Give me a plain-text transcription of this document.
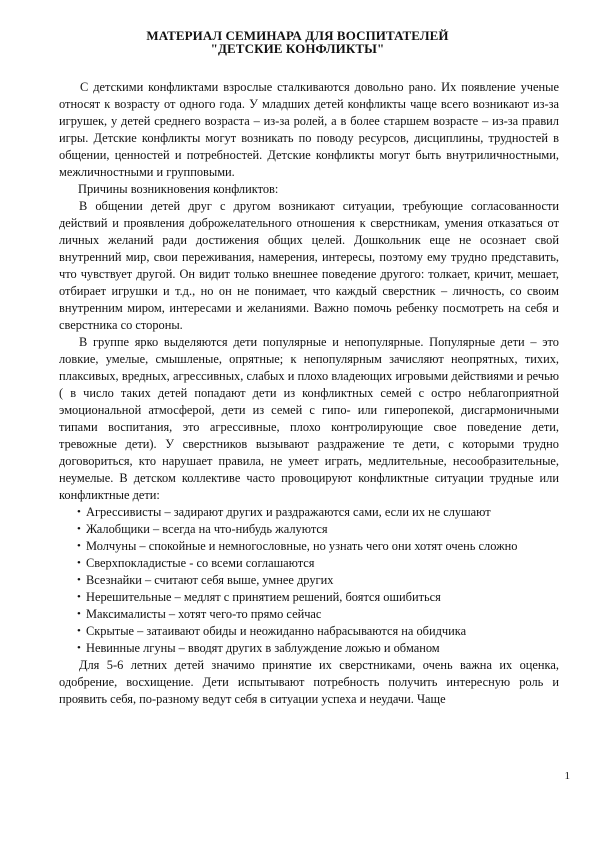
МАТЕРИАЛ СЕМИНАРА ДЛЯ ВОСПИТАТЕЛЕЙ
"ДЕТСКИЕ КОНФЛИКТЫ"

С детскими конфликтами взрослые сталкиваются довольно рано. Их появление ученые относят к возрасту от одного года. У младших детей конфликты чаще всего возникают из-за игрушек, у детей среднего возраста – из-за ролей, а в более старшем возрасте – из-за правил игры. Детские конфликты могут возникать по поводу ресурсов, дисциплины, трудностей в общении, ценностей и потребностей. Детские конфликты могут быть внутриличностными, межличностными и групповыми.

Причины возникновения конфликтов:

В общении детей друг с другом возникают ситуации, требующие согласованности действий и проявления доброжелательного отношения к сверстникам, умения отказаться от личных желаний ради достижения общих целей. Дошкольник еще не осознает свой внутренний мир, свои переживания, намерения, интересы, поэтому ему трудно представить, что чувствует другой. Он видит только внешнее поведение другого: толкает, кричит, мешает, отбирает игрушки и т.д., но он не понимает, что каждый сверстник – личность, со своим внутренним миром, интересами и желаниями. Важно помочь ребенку посмотреть на себя и сверстника со стороны.

В группе ярко выделяются дети популярные и непопулярные. Популярные дети – это ловкие, умелые, смышленые, опрятные; к непопулярным зачисляют неопрятных, тихих, плаксивых, вредных, агрессивных, слабых и плохо владеющих игровыми действиями и речью ( в число таких детей попадают дети из конфликтных семей с остро неблагоприятной эмоциональной атмосферой, дети из семей с гипо- или гиперопекой, дисгармоничными типами воспитания, это агрессивные, плохо контролирующие свое поведение дети, тревожные дети). У сверстников вызывают раздражение те дети, с которыми трудно договориться, кто нарушает правила, не умеет играть, медлительные, несообразительные, неумелые. В детском коллективе часто провоцируют конфликтные ситуации трудные или конфликтные дети:

• Агрессивисты – задирают других и раздражаются сами, если их не слушают
• Жалобщики – всегда на что-нибудь жалуются
• Молчуны – спокойные и немногословные, но узнать чего они хотят очень сложно
• Сверхпокладистые - со всеми соглашаются
• Всезнайки – считают себя выше, умнее других
• Нерешительные – медлят с принятием решений, боятся ошибиться
• Максималисты – хотят чего-то прямо сейчас
• Скрытые – затаивают обиды и неожиданно набрасываются на обидчика
• Невинные лгуны – вводят других в заблуждение ложью и обманом

Для 5-6 летних детей значимо принятие их сверстниками, очень важна их оценка, одобрение, восхищение. Дети испытывают потребность получить интересную роль и проявить себя, по-разному ведут себя в ситуации успеха и неудачи. Чаще

1
